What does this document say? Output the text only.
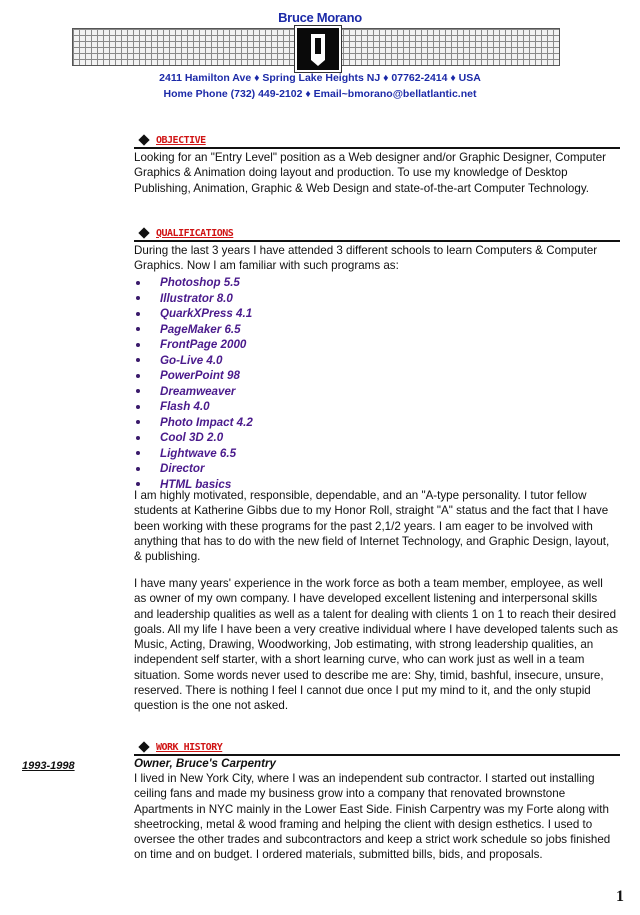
Bruce Morano
2411 Hamilton Ave ♦ Spring Lake Heights NJ ♦ 07762-2414 ♦ USA
Home Phone (732) 449-2102 ♦ Email~bmorano@bellatlantic.net
OBJECTIVE

Looking for an "Entry Level" position as a Web designer and/or Graphic Designer, Computer Graphics & Animation doing layout and production. To use my knowledge of Desktop Publishing, Animation, Graphic & Web Design and state-of-the-art Computer Technology.

QUALIFICATIONS

During the last 3 years I have attended 3 different schools to learn Computers & Computer Graphics. Now I am familiar with such programs as:

Photoshop 5.5
Illustrator 8.0
QuarkXPress 4.1
PageMaker 6.5
FrontPage 2000
Go-Live 4.0
PowerPoint 98
Dreamweaver
Flash 4.0
Photo Impact 4.2
Cool 3D 2.0
Lightwave 6.5
Director
HTML basics

I am highly motivated, responsible, dependable, and an "A-type personality. I tutor fellow students at Katherine Gibbs due to my Honor Roll, straight "A" status and the fact that I have been working with these programs for the past 2,1/2 years. I am eager to be involved with anything that has to do with the new field of Internet Technology, and Graphic Design, layout, & publishing.

I have many years' experience in the work force as both a team member, employee, as well as owner of my own company. I have developed excellent listening and interpersonal skills and leadership qualities as well as a talent for dealing with clients 1 on 1 to reach their desired goals. All my life I have been a very creative individual where I have developed talents such as Music, Acting, Drawing, Woodworking, Job estimating, with strong leadership qualities, an independent self starter, with a short learning curve, who can work just as well in a team situation. Some words never used to describe me are: Shy, timid, bashful, insecure, unsure, reserved. There is nothing I feel I cannot due once I put my mind to it, and the only stupid question is the one not asked.

WORK HISTORY
1993-1998	Owner, Bruce's Carpentry

I lived in New York City, where I was an independent sub contractor. I started out installing ceiling fans and made my business grow into a company that renovated brownstone Apartments in NYC mainly in the Lower East Side. Finish Carpentry was my Forte along with sheetrocking, metal & wood framing and helping the client with design esthetics. I used to oversee the other trades and subcontractors and keep a strict work schedule so jobs finished on time and on budget. I ordered materials, submitted bills, bids, and proposals.

1
